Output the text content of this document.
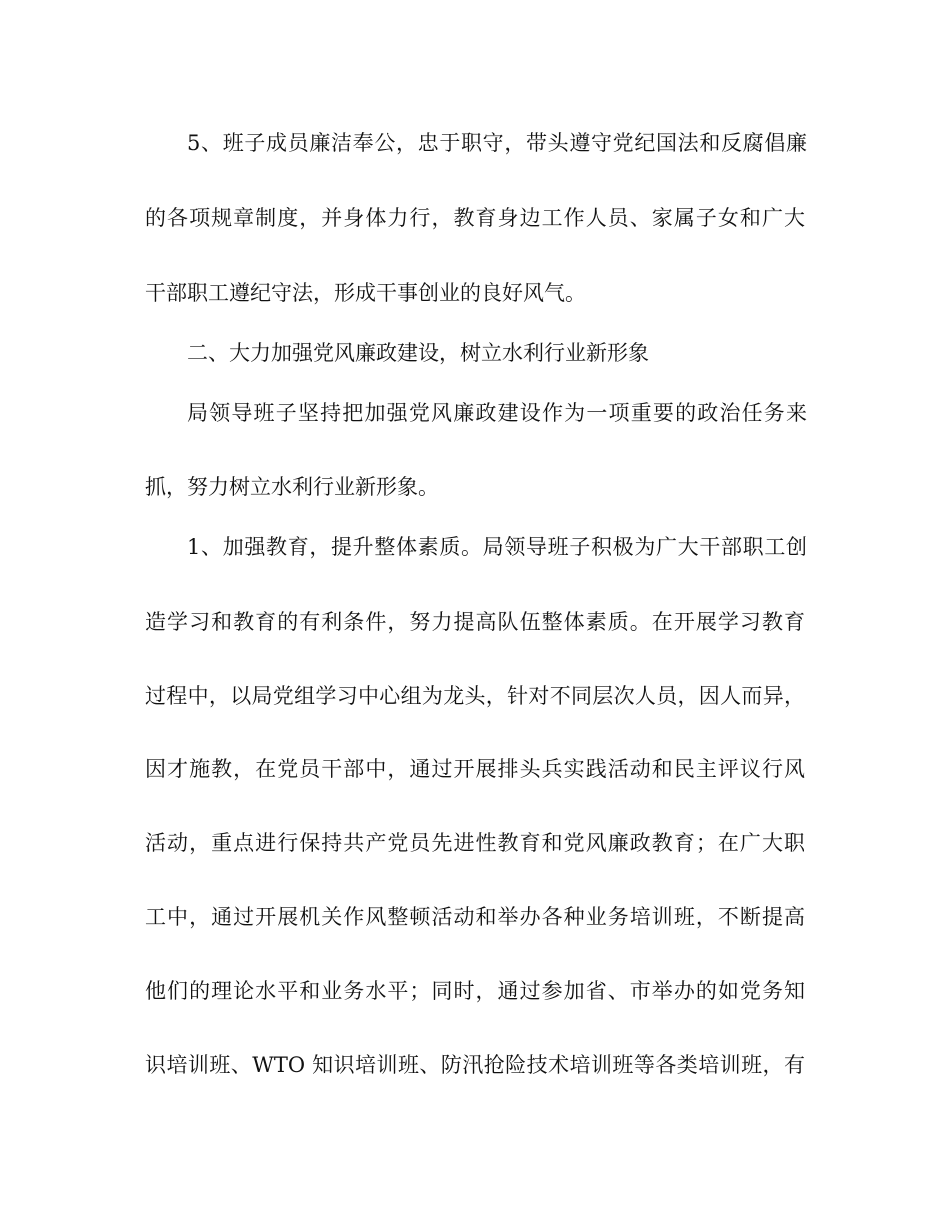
5、班子成员廉洁奉公，忠于职守，带头遵守党纪国法和反腐倡廉
的各项规章制度，并身体力行，教育身边工作人员、家属子女和广大
干部职工遵纪守法，形成干事创业的良好风气。
二、大力加强党风廉政建设，树立水利行业新形象
局领导班子坚持把加强党风廉政建设作为一项重要的政治任务来
抓，努力树立水利行业新形象。
1、加强教育，提升整体素质。局领导班子积极为广大干部职工创
造学习和教育的有利条件，努力提高队伍整体素质。在开展学习教育
过程中，以局党组学习中心组为龙头，针对不同层次人员，因人而异，
因才施教，在党员干部中，通过开展排头兵实践活动和民主评议行风
活动，重点进行保持共产党员先进性教育和党风廉政教育；在广大职
工中，通过开展机关作风整顿活动和举办各种业务培训班，不断提高
他们的理论水平和业务水平；同时，通过参加省、市举办的如党务知
识培训班、WTO 知识培训班、防汛抢险技术培训班等各类培训班，有
